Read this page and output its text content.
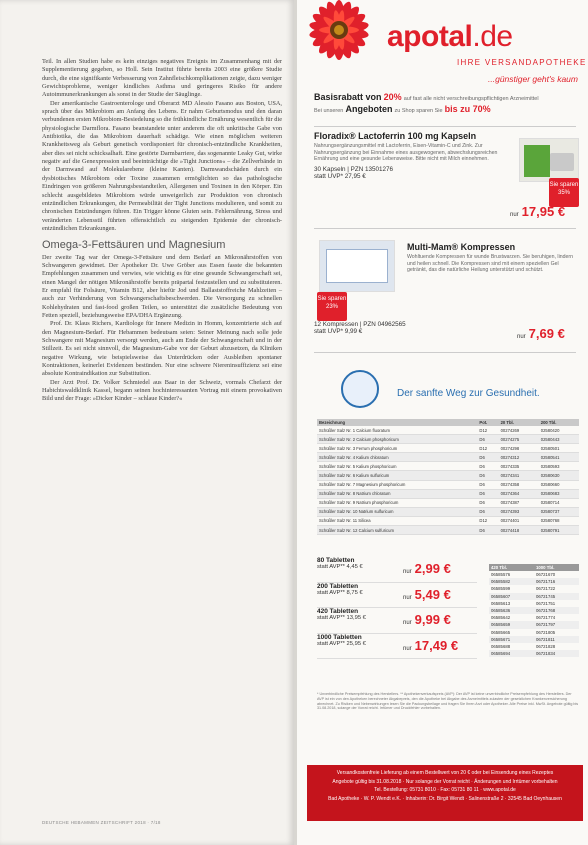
Teil. In allen Studien habe es kein einziges negatives Ereignis im Zusammenhang mit der Supplementierung gegeben, so Holl. Sein Institut führte bereits 2003 eine größere Studie durch, die eine signifikante Verbesserung von Zahnfleischkomplikationen zeigte, dazu weniger Gewichtsprobleme, weniger kindliches Asthma und geringeres Risiko für andere Autoimmunerkrankungen als sonst in der Studie der Säuglinge.

Der amerikanische Gastroenterologe und Oberarzt MD Alessio Fasano aus Boston, USA, sprach über das Mikrobiom am Anfang des Lebens. Er nahm Geburtsmodus und den daran verbundenen ersten Mikrobiom-Besiedelung so die frühkindliche Ernährung wesentlich für die physiologische Darmflora. Fasano beanstandete unter anderem die oft unkritische Gabe von Antibiotika, die das Mikrobiom dauerhaft schädige. Wie einen möglichen weiteren Krankheitsweg als Geburt genetisch vordisponiert für chronisch-entzündliche Krankheiten, aber dies sei nicht schicksalhaft. Eine gestörte Darmbarriere, das sogenannte Leaky Gut, wirke negativ auf die Genexpression und beeinträchtige die »Tight Junctions« – die Zellverbände in der Darmwand auf Molekularebene (kleine Kanten). Darmwandschäden durch ein dysbiotisches Mikrobiom oder Toxine zusammen ermöglichten so das pathologische Eindringen von größeren Nahrungsbestandteilen, Allergenen und Toxinen in den Körper. Ein schlecht ausgebildetes Mikrobiom würde unweigerlich zur Produktion von chronisch entzündlichen Erkrankungen, die Permeabilität der Tight Junctions modulieren, und somit zu chronischen Entzündungen führen. Ein Trigger könne Gluten sein. Fehlernährung, Stress und veränderten Lebensstil führten offensichtlich zu steigenden Epidemie der chronisch-entzündlichen Erkrankungen.

Omega-3-Fettsäuren und Magnesium

Der zweite Tag war der Omega-3-Fettsäure und dem Bedarf an Mikronährstoffen von Schwangeren gewidmet. Der Apotheker Dr. Uwe Gröber aus Essen fasste die bekannten Empfehlungen zusammen und verwies, wie wichtig es für eine gesunde Schwangerschaft sei, einen Mangel der nötigen Mikronährstoffe bereits präpartal festzustellen und zu substituieren. Er empfahl für Folsäure, Vitamin B12, aber hiefür Jod und Ballaststoffreiche Mahlzeiten – auch zur Verhinderung von Schwangerschaftsbeschwerden. Die Versorgung zu schnellen Kohlehydraten und fast-food großen Teilen, so unterstützt die zusätzliche Bedeutung von Fetten speziell, beziehungsweise EPA/DHA Ergänzung.

Prof. Dr. Klaus Richers, Kardiologe für Innere Medizin in Homm, konzentrierte sich auf den Magnesium-Bedarf. Für Hebammen bedeutsam seien: Seiner Meinung nach solle jede Schwangere mit Magnesium versorgt werden, auch am Ende der Schwangerschaft und in der Stillzeit. Es sei nicht sinnvoll, die Magnesium-Gabe vor der Geburt abzusetzen, da Kliniken negative Wirkung, wie beispielsweise das Unterdrücken oder Ausbleiben spontaner Kontraktionen, keinerlei Evidenzen bestünden. Nur eine schwere Niereninsuffizienz sei eine absolute Kontraindikation zur Substitution.

Der Arzt Prof. Dr. Volker Schmiedel aus Baar in der Schweiz, vormals Chefarzt der Habichtswaldklinik Kassel, begann seinen hochinteressanten Vortrag mit einem provokativen Bild und der Frage: »Dicker Kinder – schlaue Kinder?«

DEUTSCHE HEBAMMEN ZEITSCHRIFT 2018 · 7/18
apotal.de
IHRE VERSANDAPOTHEKE
...günstiger geht's kaum
Basisrabatt von 20% auf fast alle nicht verschreibungspflichtigen Arzneimittel
Bei unseren Angeboten zu Shop sparen Sie bis zu 70%
Floradix® Lactoferrin 100 mg Kapseln
Nahrungsergänzungsmittel mit Lactoferrin, Eisen-Vitamin-C und Zink. Zur Nahrungsergänzung bei Einnahme eines ausgewogenen, abwechslungsreichen Ernährung und eine gesunde Lebensweise. Bitte nicht mit Milch einnehmen.
30 Kapseln | PZN 13501276
statt UVP* 27,95 €
Sie sparen 35%
nur 17,95 €
Sie sparen 23%
Multi-Mam® Kompressen
Wohltuende Kompressen für wunde Brustwarzen. Sie beruhigen, lindern und heilen schnell. Die Kompressen sind mit einem speziellen Gel getränkt, das die natürliche Heilung unterstützt und schützt.
12 Kompressen | PZN 04962565
statt UVP* 9,99 €
nur 7,69 €
Der sanfte Weg zur Gesundheit.
Bezeichnung	Pot.	20 Tbl.	200 Tbl.
Schüßler Salz Nr. 1 Calcium fluoratum	D12	00274269	02580420
Schüßler Salz Nr. 2 Calcium phosphoricum	D6	00274275	02580443
Schüßler Salz Nr. 3 Ferrum phosphoricum	D12	00274298	02580501
Schüßler Salz Nr. 4 Kalium chloratum	D6	00274312	02580541
Schüßler Salz Nr. 5 Kalium phosphoricum	D6	00274335	02580593
Schüßler Salz Nr. 6 Kalium sulfuricum	D6	00274341	02580630
Schüßler Salz Nr. 7 Magnesium phosphoricum	D6	00274358	02580660
Schüßler Salz Nr. 8 Natrium chloratum	D6	00274364	02580683
Schüßler Salz Nr. 9 Natrium phosphoricum	D6	00274387	02580714
Schüßler Salz Nr. 10 Natrium sulfuricum	D6	00274393	02580737
Schüßler Salz Nr. 11 Silicea	D12	00274401	02580768
Schüßler Salz Nr. 12 Calcium sulfuricum	D6	00274418	02580791
80 Tabletten
statt AVP** 4,45 €
nur 2,99 €
200 Tabletten
statt AVP** 8,75 €
nur 5,49 €
420 Tabletten
statt AVP** 13,95 €
nur 9,99 €
1000 Tabletten
statt AVP** 25,95 €
nur 17,49 €
420 Tbl.	1000 Tbl.
06585576	06721670
06585582	06721716
06585599	06721722
06585607	06721745
06585613	06721751
06585636	06721768
06585642	06721774
06585659	06721797
06585665	06721805
06585671	06721811
06585688	06721828
06585694	06721834
* Unverbindliche Preisempfehlung des Herstellers. ** Apothekenverkaufspreis (AVP): Der AVP ist keine unverbindliche Preisempfehlung des Herstellers. Der AVP ist ein von den Apotheken berechneter Abgabepreis, den die Apotheke bei Abgabe des Arzneimittels zulasten der gesetzlichen Krankenversicherung abrechnet. Zu Risiken und Nebenwirkungen lesen Sie die Packungsbeilage und fragen Sie Ihren Arzt oder Apotheker. Alle Preise inkl. MwSt. Angebote gültig bis 31.08.2018, solange der Vorrat reicht. Irrtümer und Druckfehler vorbehalten.
Versandkostenfreie Lieferung ab einem Bestellwert von 20 € oder bei Einsendung eines Rezeptes
Angebote gültig bis 31.08.2018 · Nur solange der Vorrat reicht · Änderungen und Irrtümer vorbehalten
Tel. Bestellung: 05731 8010 · Fax: 05731 80 11 · www.apotal.de
Bad Apotheke · W. P. Wendt e.K. · Inhaberin: Dr. Birgit Wendt · Salinenstraße 2 · 32545 Bad Oeynhausen
